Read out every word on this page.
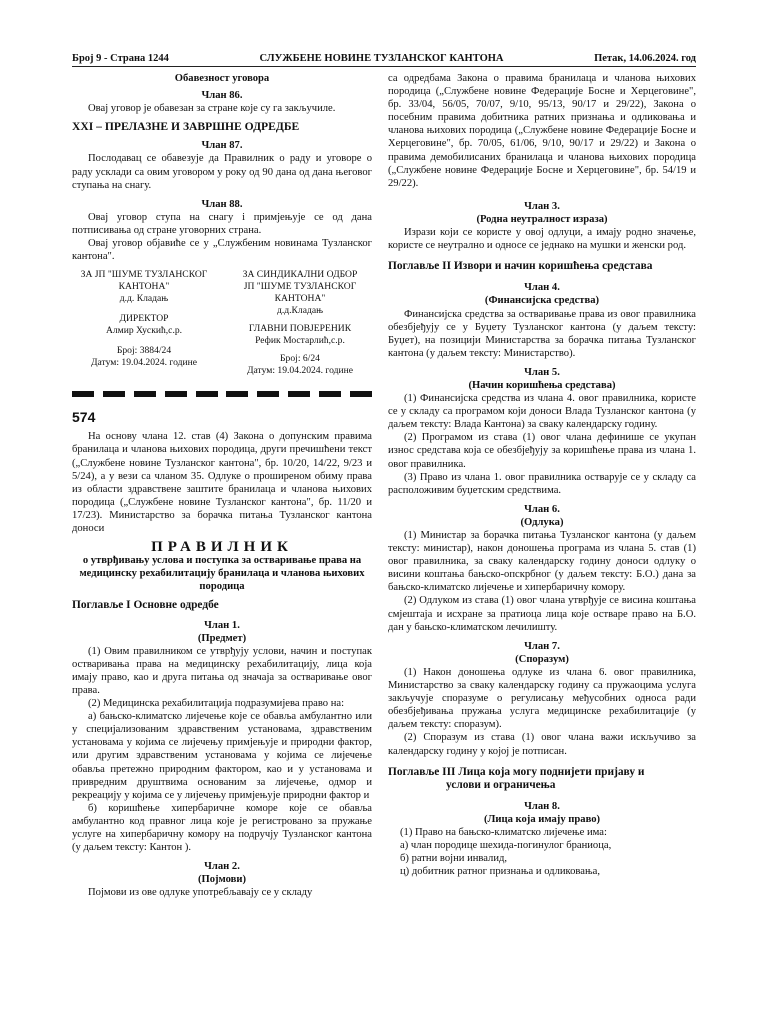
Број 9 - Страна 1244	СЛУЖБЕНЕ НОВИНЕ ТУЗЛАНСКОГ КАНТОНА	Петак, 14.06.2024. год

Обавезност уговора

Члан 86.

Овај уговор је обавезан за стране које су га закључиле.

XXI – ПРЕЛАЗНЕ И ЗАВРШНЕ ОДРЕДБЕ

Члан 87.

Послодавац се обавезује да Правилник о раду и уговоре о раду усклади са овим уговором у року од 90 дана од дана његовог ступања на снагу.

Члан 88.

Овај уговор ступа на снагу i примјењује се од дана потписивања од стране уговорних страна.

Овај уговор објавиће се у „Службеним новинама Тузланског кантона".

ЗА ЈП "ШУМЕ ТУЗЛАНСКОГ
КАНТОНА"
д.д. Кладањ
ДИРЕКТОР
Алмир Хускић,с.р.
Број: 3884/24
Датум: 19.04.2024. године
ЗА СИНДИКАЛНИ ОДБОР
ЈП "ШУМЕ ТУЗЛАНСКОГ
КАНТОНА"
д.д.Кладањ
ГЛАВНИ ПОВЈЕРЕНИК
Рефик Мостарлић,с.р.
Број: 6/24
Датум: 19.04.2024. године

574

На основу члана 12. став (4) Закона о допунским правима бранилаца и чланова њихових породица, други пречишћени текст („Службене новине Тузланског кантона", бр. 10/20, 14/22, 9/23 и 5/24), а у вези са чланом 35. Одлуке о проширеном обиму права из области здравствене заштите бранилаца и чланова њихових породица („Службене новине Тузланског кантона", бр. 11/20 и 17/23). Министарство за борачка питања Тузланског кантона доноси

ПРАВИЛНИК

о утврђивању услова и поступка за остваривање права на медицинску рехабилитацију бранилаца и чланова њихових породица

Поглавље I Основне одредбе

Члан 1.

(Предмет)

(1) Овим правилником се утврђују услови, начин и поступак остваривања права на медицинску рехабилитацију, лица која имају право, као и друга питања од значаја за остваривање овог права.

(2) Медицинска рехабилитација подразумијева право на:

а) бањско-климатско лијечење које се обавља амбулантно или у специјализованим здравственим установама, здравственим установама у којима се лијечењу примјењује и природни фактор, или другим здравственим установама у којима се лијечење обавља претежно природним фактором, као и у установама и привредним друштвима основаним за лијечење, одмор и рекреацију у којима се у лијечењу примјењује природни фактор и

б) коришћење хипербаричне коморе које се обавља амбулантно код правног лица које је регистровано за пружање услуге на хипербаричну комору на подручју Тузланског кантона (у даљем тексту: Кантон ).

Члан 2.

(Појмови)

Појмови из ове одлуке употребљавају се у складу

са одредбама Закона о правима бранилаца и чланова њихових породица („Службене новине Федерације Босне и Херцеговине", бр. 33/04, 56/05, 70/07, 9/10, 95/13, 90/17 и 29/22), Закона о посебним правима добитника ратних признања и одликовања и чланова њихових породица („Службене новине Федерације Босне и Херцеговине", бр. 70/05, 61/06, 9/10, 90/17 и 29/22) и Закона о правима демобилисаних бранилаца и чланова њихових породица („Службене новине Федерације Босне и Херцеговине", бр. 54/19 и 29/22).

Члан 3.

(Родна неутралност израза)

Изрази који се користе у овој одлуци, а имају родно значење, користе се неутрално и односе се једнако на мушки и женски род.

Поглавље II Извори и начин коришћења средстава

Члан 4.

(Финансијска средства)

Финансијска средства за остваривање права из овог правилника обезбјеђују се у Буџету Тузланског кантона (у даљем тексту: Буџет), на позицији Министарства за борачка питања Тузланског кантона (у даљем тексту: Министарство).

Члан 5.

(Начин коришћења средстава)

(1) Финансијска средства из члана 4. овог правилника, користе се у складу са програмом који доноси Влада Тузланског кантона (у даљем тексту: Влада Кантона) за сваку календарску годину.

(2) Програмом из става (1) овог члана дефинише се укупан износ средстава која се обезбјеђују за коришћење права из члана 1. овог правилника.

(3) Право из члана 1. овог правилника остварује се у складу са расположивим буџетским средствима.

Члан 6.

(Одлука)

(1) Министар за борачка питања Тузланског кантона (у даљем тексту: министар), након доношења програма из члана 5. став (1) овог правилника, за сваку календарску годину доноси одлуку о висини коштања бањско-опскрбног (у даљем тексту: Б.О.) дана за бањско-климатско лијечење и хипербаричну комору.

(2) Одлуком из става (1) овог члана утврђује се висина коштања смјештаја и исхране за пратиоца лица које остваре право на Б.О. дан у бањско-климатском лечилишту.

Члан 7.

(Споразум)

(1) Након доношења одлуке из члана 6. овог правилника, Министарство за сваку календарску годину са пружаоцима услуга закључује споразуме о регулисању међусобних односа ради обезбјеђивања пружања услуга медицинске рехабилитације (у даљем тексту: споразум).

(2) Споразум из става (1) овог члана важи искључиво за календарску годину у којој је потписан.

Поглавље III Лица која могу поднијети пријаву и

услови и ограничења

Члан 8.

(Лица која имају право)

(1) Право на бањско-климатско лијечење има:

а) члан породице шехида-погинулог браниоца,

б) ратни војни инвалид,

ц) добитник ратног признања и одликовања,
